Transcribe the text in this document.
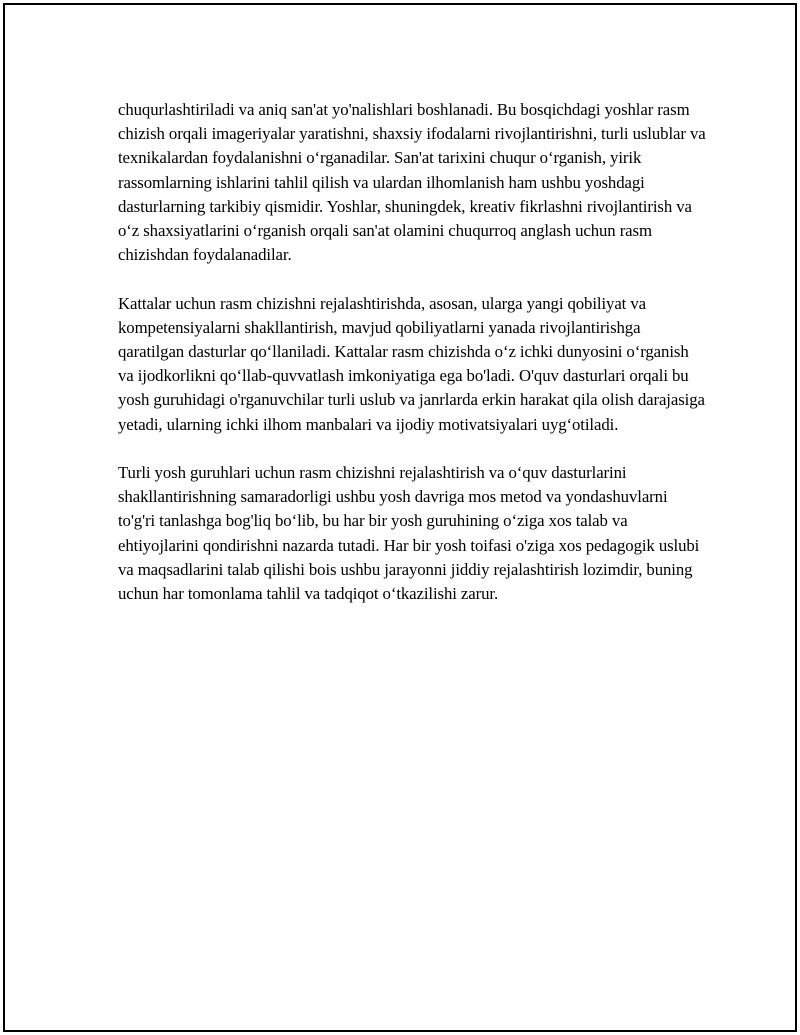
chuqurlashtiriladi va aniq san'at yo'nalishlari boshlanadi. Bu bosqichdagi yoshlar rasm chizish orqali imageriyalar yaratishni, shaxsiy ifodalarni rivojlantirishni, turli uslublar va texnikalardan foydalanishni oʻrganadilar. San'at tarixini chuqur oʻrganish, yirik rassomlarning ishlarini tahlil qilish va ulardan ilhomlanish ham ushbu yoshdagi dasturlarning tarkibiy qismidir. Yoshlar, shuningdek, kreativ fikrlashni rivojlantirish va oʻz shaxsiyatlarini oʻrganish orqali san'at olamini chuqurroq anglash uchun rasm chizishdan foydalanadilar.

Kattalar uchun rasm chizishni rejalashtirishda, asosan, ularga yangi qobiliyat va kompetensiyalarni shakllantirish, mavjud qobiliyatlarni yanada rivojlantirishga qaratilgan dasturlar qoʻllaniladi. Kattalar rasm chizishda oʻz ichki dunyosini oʻrganish va ijodkorlikni qoʻllab-quvvatlash imkoniyatiga ega bo'ladi. O'quv dasturlari orqali bu yosh guruhidagi o'rganuvchilar turli uslub va janrlarda erkin harakat qila olish darajasiga yetadi, ularning ichki ilhom manbalari va ijodiy motivatsiyalari uygʻotiladi.

Turli yosh guruhlari uchun rasm chizishni rejalashtirish va oʻquv dasturlarini shakllantirishning samaradorligi ushbu yosh davriga mos metod va yondashuvlarni to'g'ri tanlashga bog'liq boʻlib, bu har bir yosh guruhining oʻziga xos talab va ehtiyojlarini qondirishni nazarda tutadi. Har bir yosh toifasi o'ziga xos pedagogik uslubi va maqsadlarini talab qilishi bois ushbu jarayonni jiddiy rejalashtirish lozimdir, buning uchun har tomonlama tahlil va tadqiqot oʻtkazilishi zarur.
